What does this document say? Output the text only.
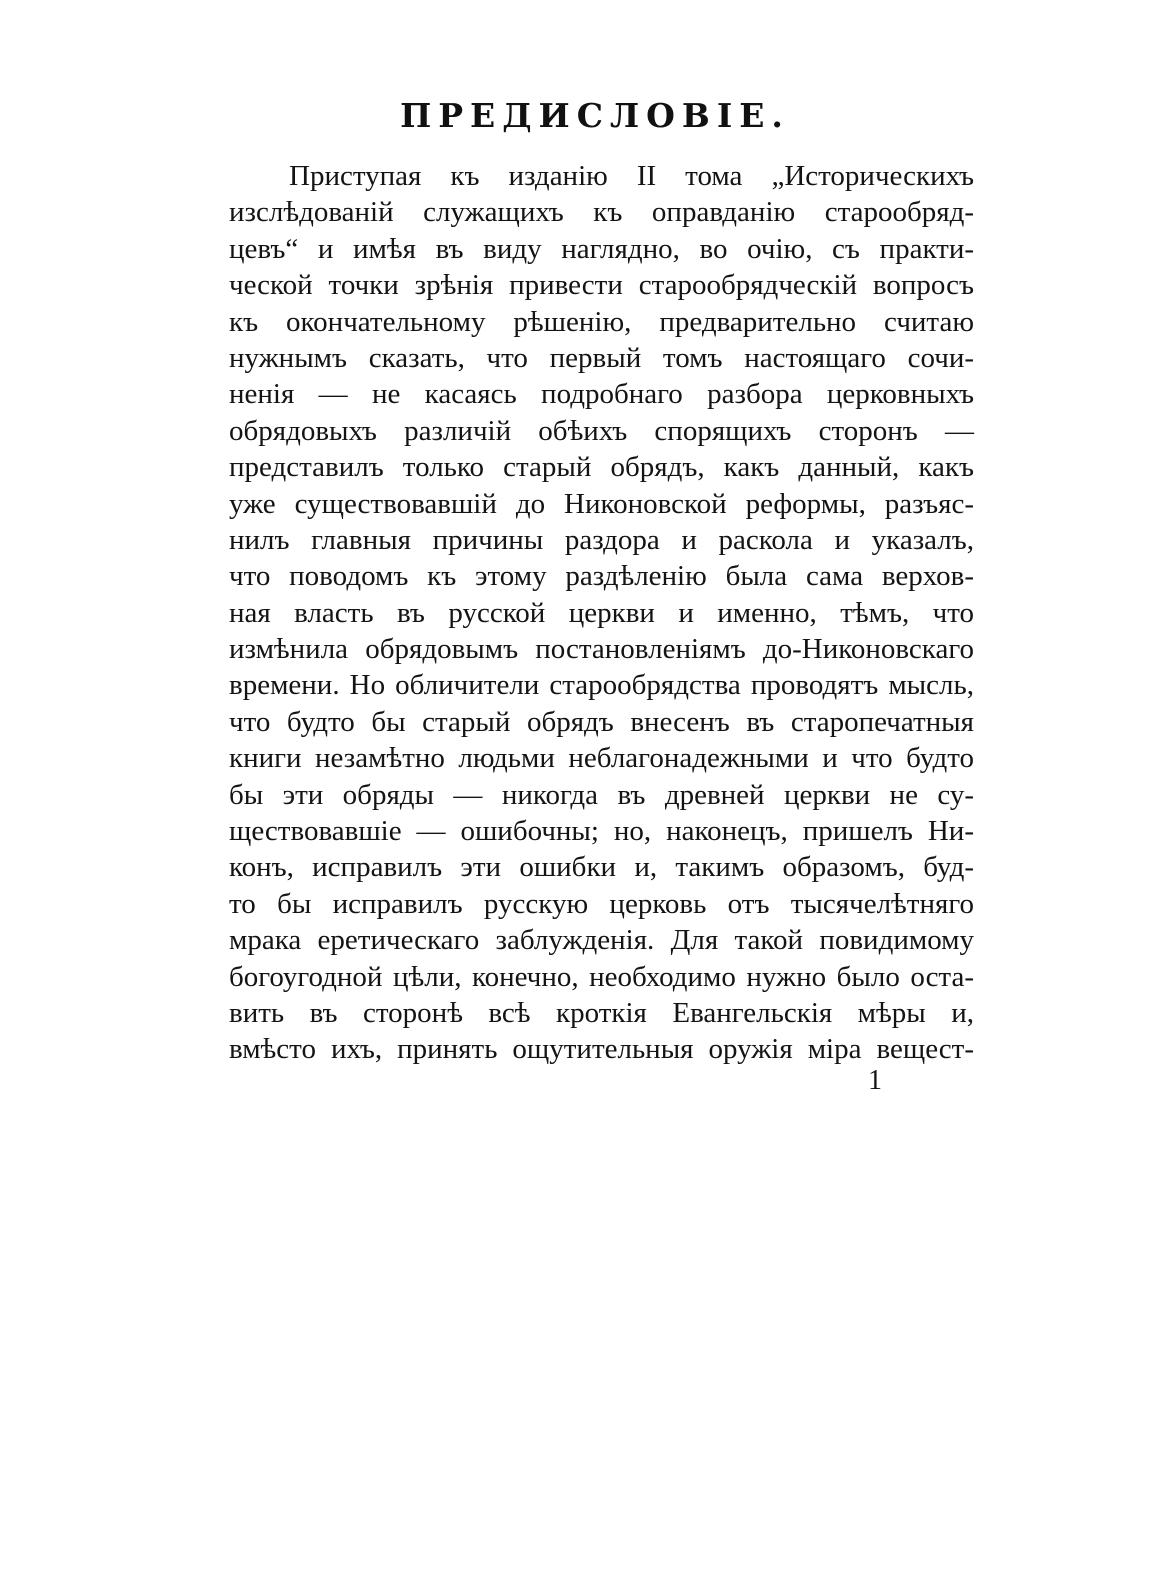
ПРЕДИСЛОВІЕ.
Приступая къ изданію II тома „Историческихъ
изслѣдованій служащихъ къ оправданію старообряд-
цевъ“ и имѣя въ виду наглядно, во очію, съ практи-
ческой точки зрѣнія привести старообрядческій вопросъ
къ окончательному рѣшенію, предварительно считаю
нужнымъ сказать, что первый томъ настоящаго сочи-
ненія — не касаясь подробнаго разбора церковныхъ
обрядовыхъ различій обѣихъ спорящихъ сторонъ —
представилъ только старый обрядъ, какъ данный, какъ
уже существовавшій до Никоновской реформы, разъяс-
нилъ главныя причины раздора и раскола и указалъ,
что поводомъ къ этому раздѣленію была сама верхов-
ная власть въ русской церкви и именно, тѣмъ, что
измѣнила обрядовымъ постановленіямъ до-Никоновскаго
времени. Но обличители старообрядства проводятъ мысль,
что будто бы старый обрядъ внесенъ въ старопечатныя
книги незамѣтно людьми неблагонадежными и что будто
бы эти обряды — никогда въ древней церкви не су-
ществовавшіе — ошибочны; но, наконецъ, пришелъ Ни-
конъ, исправилъ эти ошибки и, такимъ образомъ, буд-
то бы исправилъ русскую церковь отъ тысячелѣтняго
мрака еретическаго заблужденія. Для такой повидимому
богоугодной цѣли, конечно, необходимо нужно было оста-
вить въ сторонѣ всѣ кроткія Евангельскія мѣры и,
вмѣсто ихъ, принять ощутительныя оружія міра вещест-
1
